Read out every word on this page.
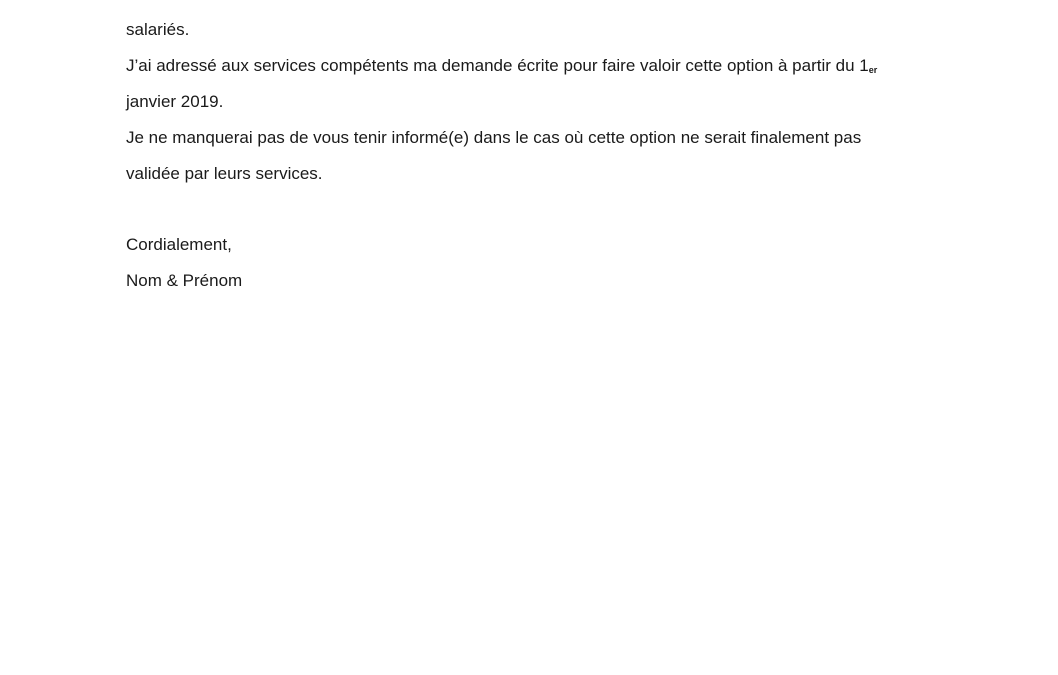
salariés.
J’ai adressé aux services compétents ma demande écrite pour faire valoir cette option à partir du $1_{er}$
janvier 2019.
Je ne manquerai pas de vous tenir informé(e) dans le cas où cette option ne serait finalement pas
validée par leurs services.
Cordialement,
Nom & Prénom
